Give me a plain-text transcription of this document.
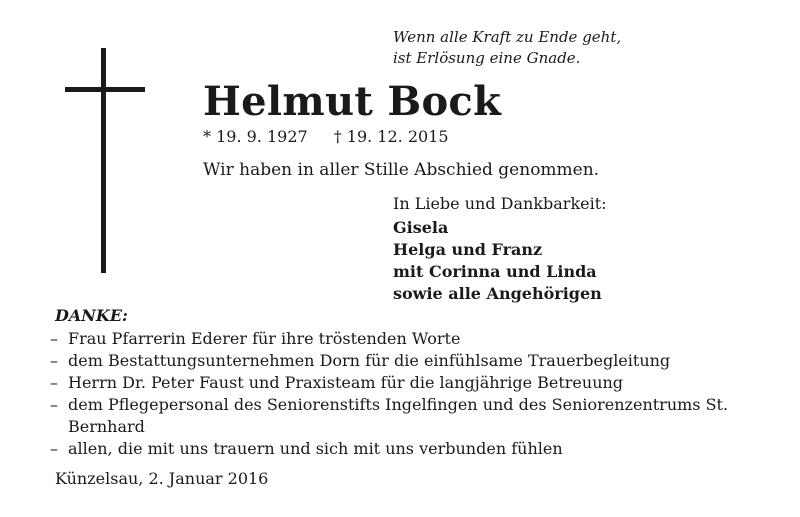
Wenn alle Kraft zu Ende geht,
ist Erlösung eine Gnade.
Helmut Bock
* 19. 9. 1927 † 19. 12. 2015
Wir haben in aller Stille Abschied genommen.
In Liebe und Dankbarkeit:
Gisela
Helga und Franz
mit Corinna und Linda
sowie alle Angehörigen
DANKE:
– Frau Pfarrerin Ederer für ihre tröstenden Worte
– dem Bestattungsunternehmen Dorn für die einfühlsame Trauerbegleitung
– Herrn Dr. Peter Faust und Praxisteam für die langjährige Betreuung
– dem Pflegepersonal des Seniorenstifts Ingelfingen und des Seniorenzentrums St. Bernhard
– allen, die mit uns trauern und sich mit uns verbunden fühlen
Künzelsau, 2. Januar 2016
